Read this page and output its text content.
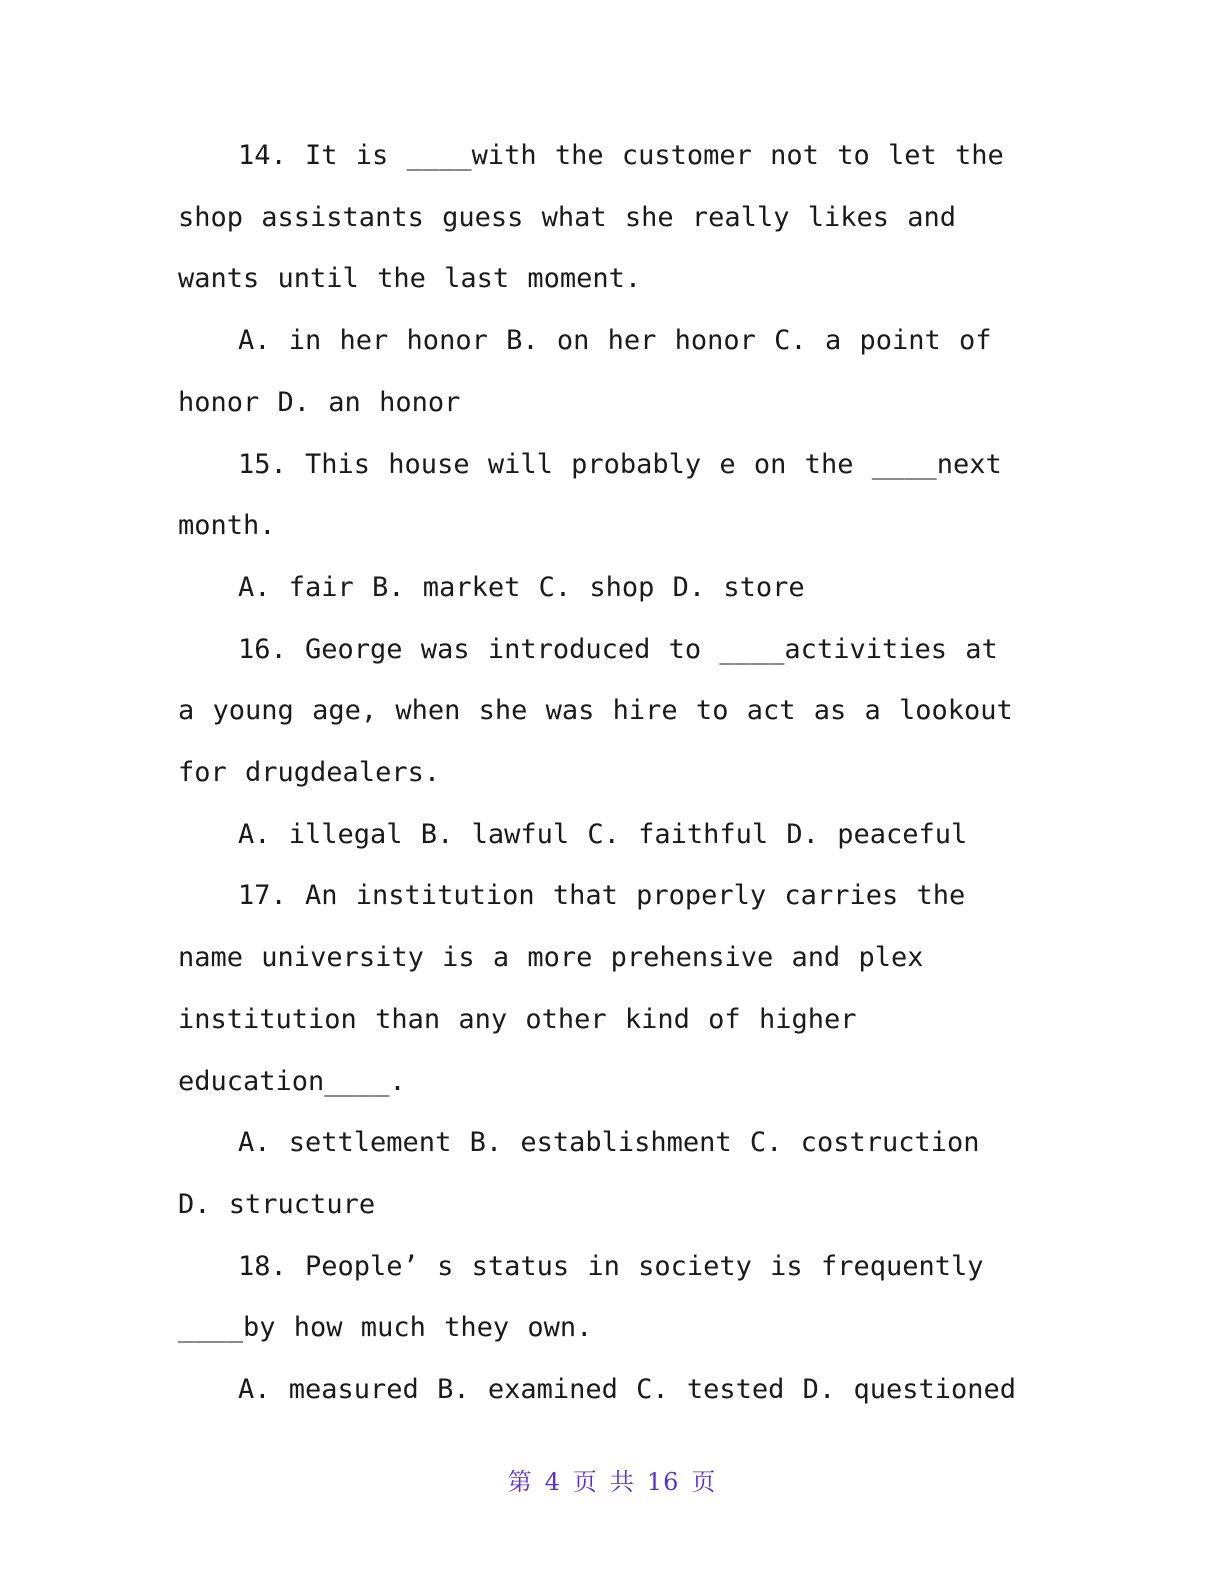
14. It is ____with the customer not to let the shop assistants guess what she really likes and wants until the last moment.

A. in her honor B. on her honor C. a point of honor D. an honor

15. This house will probably e on the ____next month.

A. fair B. market C. shop D. store

16. George was introduced to ____activities at a young age, when she was hire to act as a lookout for drugdealers.

A. illegal B. lawful C. faithful D. peaceful

17. An institution that properly carries the name university is a more prehensive and plex institution than any other kind of higher education____.

A. settlement B. establishment C. costruction D. structure

18. People’ s status in society is frequently ____by how much they own.

A. measured B. examined C. tested D. questioned

第 4 页 共 16 页
